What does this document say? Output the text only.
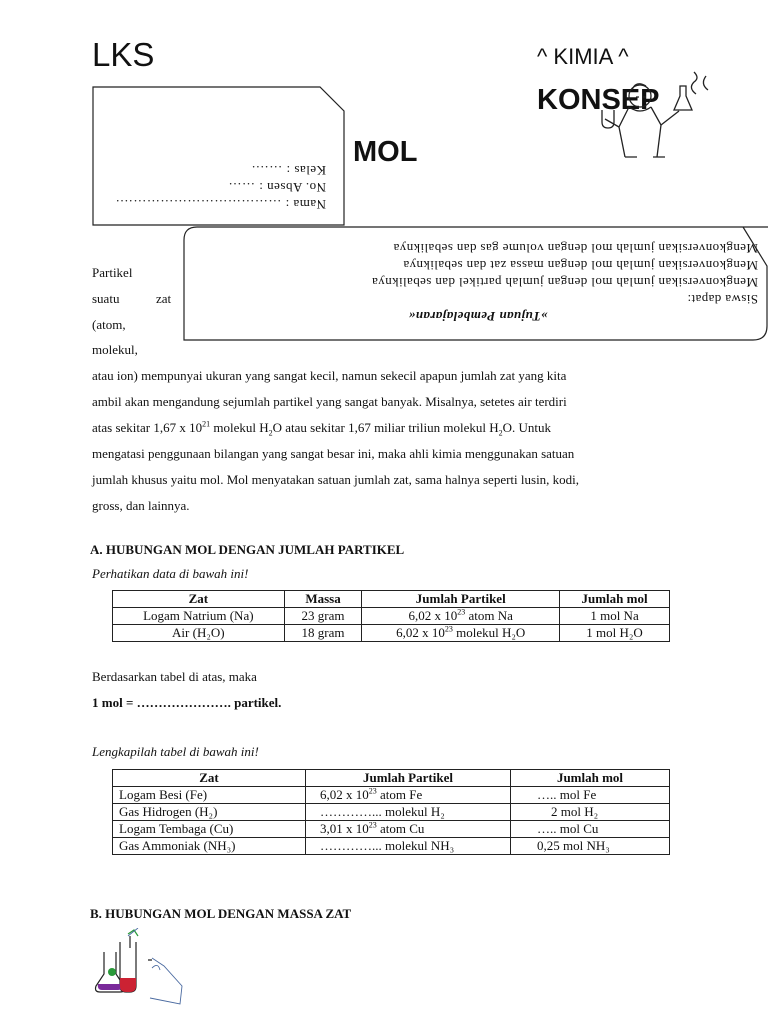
LKS	^ KIMIA ^
KONSEP
MOL
Nama : ……………………………….
No. Absen : ……
Kelas : …….
»Tujuan Pembelajaran«
Siswa dapat:
Mengkonversikan jumlah mol dengan jumlah partikel dan sebaliknya
Mengkonversikan jumlah mol dengan massa zat dan sebaliknya
Mengkonversikan jumlah mol dengan volume gas dan sebaliknya
Partikel
suatu	zat
(atom,
molekul,
atau ion) mempunyai ukuran yang sangat kecil, namun sekecil apapun jumlah zat yang kita
ambil akan mengandung sejumlah partikel yang sangat banyak. Misalnya, setetes air terdiri
atas sekitar 1,67 x $10^{21}$ molekul $H_2O$ atau sekitar 1,67 miliar triliun molekul $H_2O$. Untuk
mengatasi penggunaan bilangan yang sangat besar ini, maka ahli kimia menggunakan satuan
jumlah khusus yaitu mol. Mol menyatakan satuan jumlah zat, sama halnya seperti lusin, kodi,
gross, dan lainnya.
A. HUBUNGAN MOL DENGAN JUMLAH PARTIKEL
Perhatikan data di bawah ini!
Zat	Massa	Jumlah Partikel	Jumlah mol
Logam Natrium (Na)	23 gram	6,02 x $10^{23}$ atom Na	1 mol Na
Air (H₂O)	18 gram	6,02 x $10^{23}$ molekul H₂O	1 mol H₂O
Berdasarkan tabel di atas, maka
1 mol = …………………. partikel.
Lengkapilah tabel di bawah ini!
Zat	Jumlah Partikel	Jumlah mol
Logam Besi (Fe)	6,02 x $10^{23}$ atom Fe	….. mol Fe
Gas Hidrogen (H₂)	…………... molekul H₂	2 mol H₂
Logam Tembaga (Cu)	3,01 x $10^{23}$ atom Cu	….. mol Cu
Gas Ammoniak (NH₃)	…………... molekul NH₃	0,25 mol NH₃
B. HUBUNGAN MOL DENGAN MASSA ZAT
